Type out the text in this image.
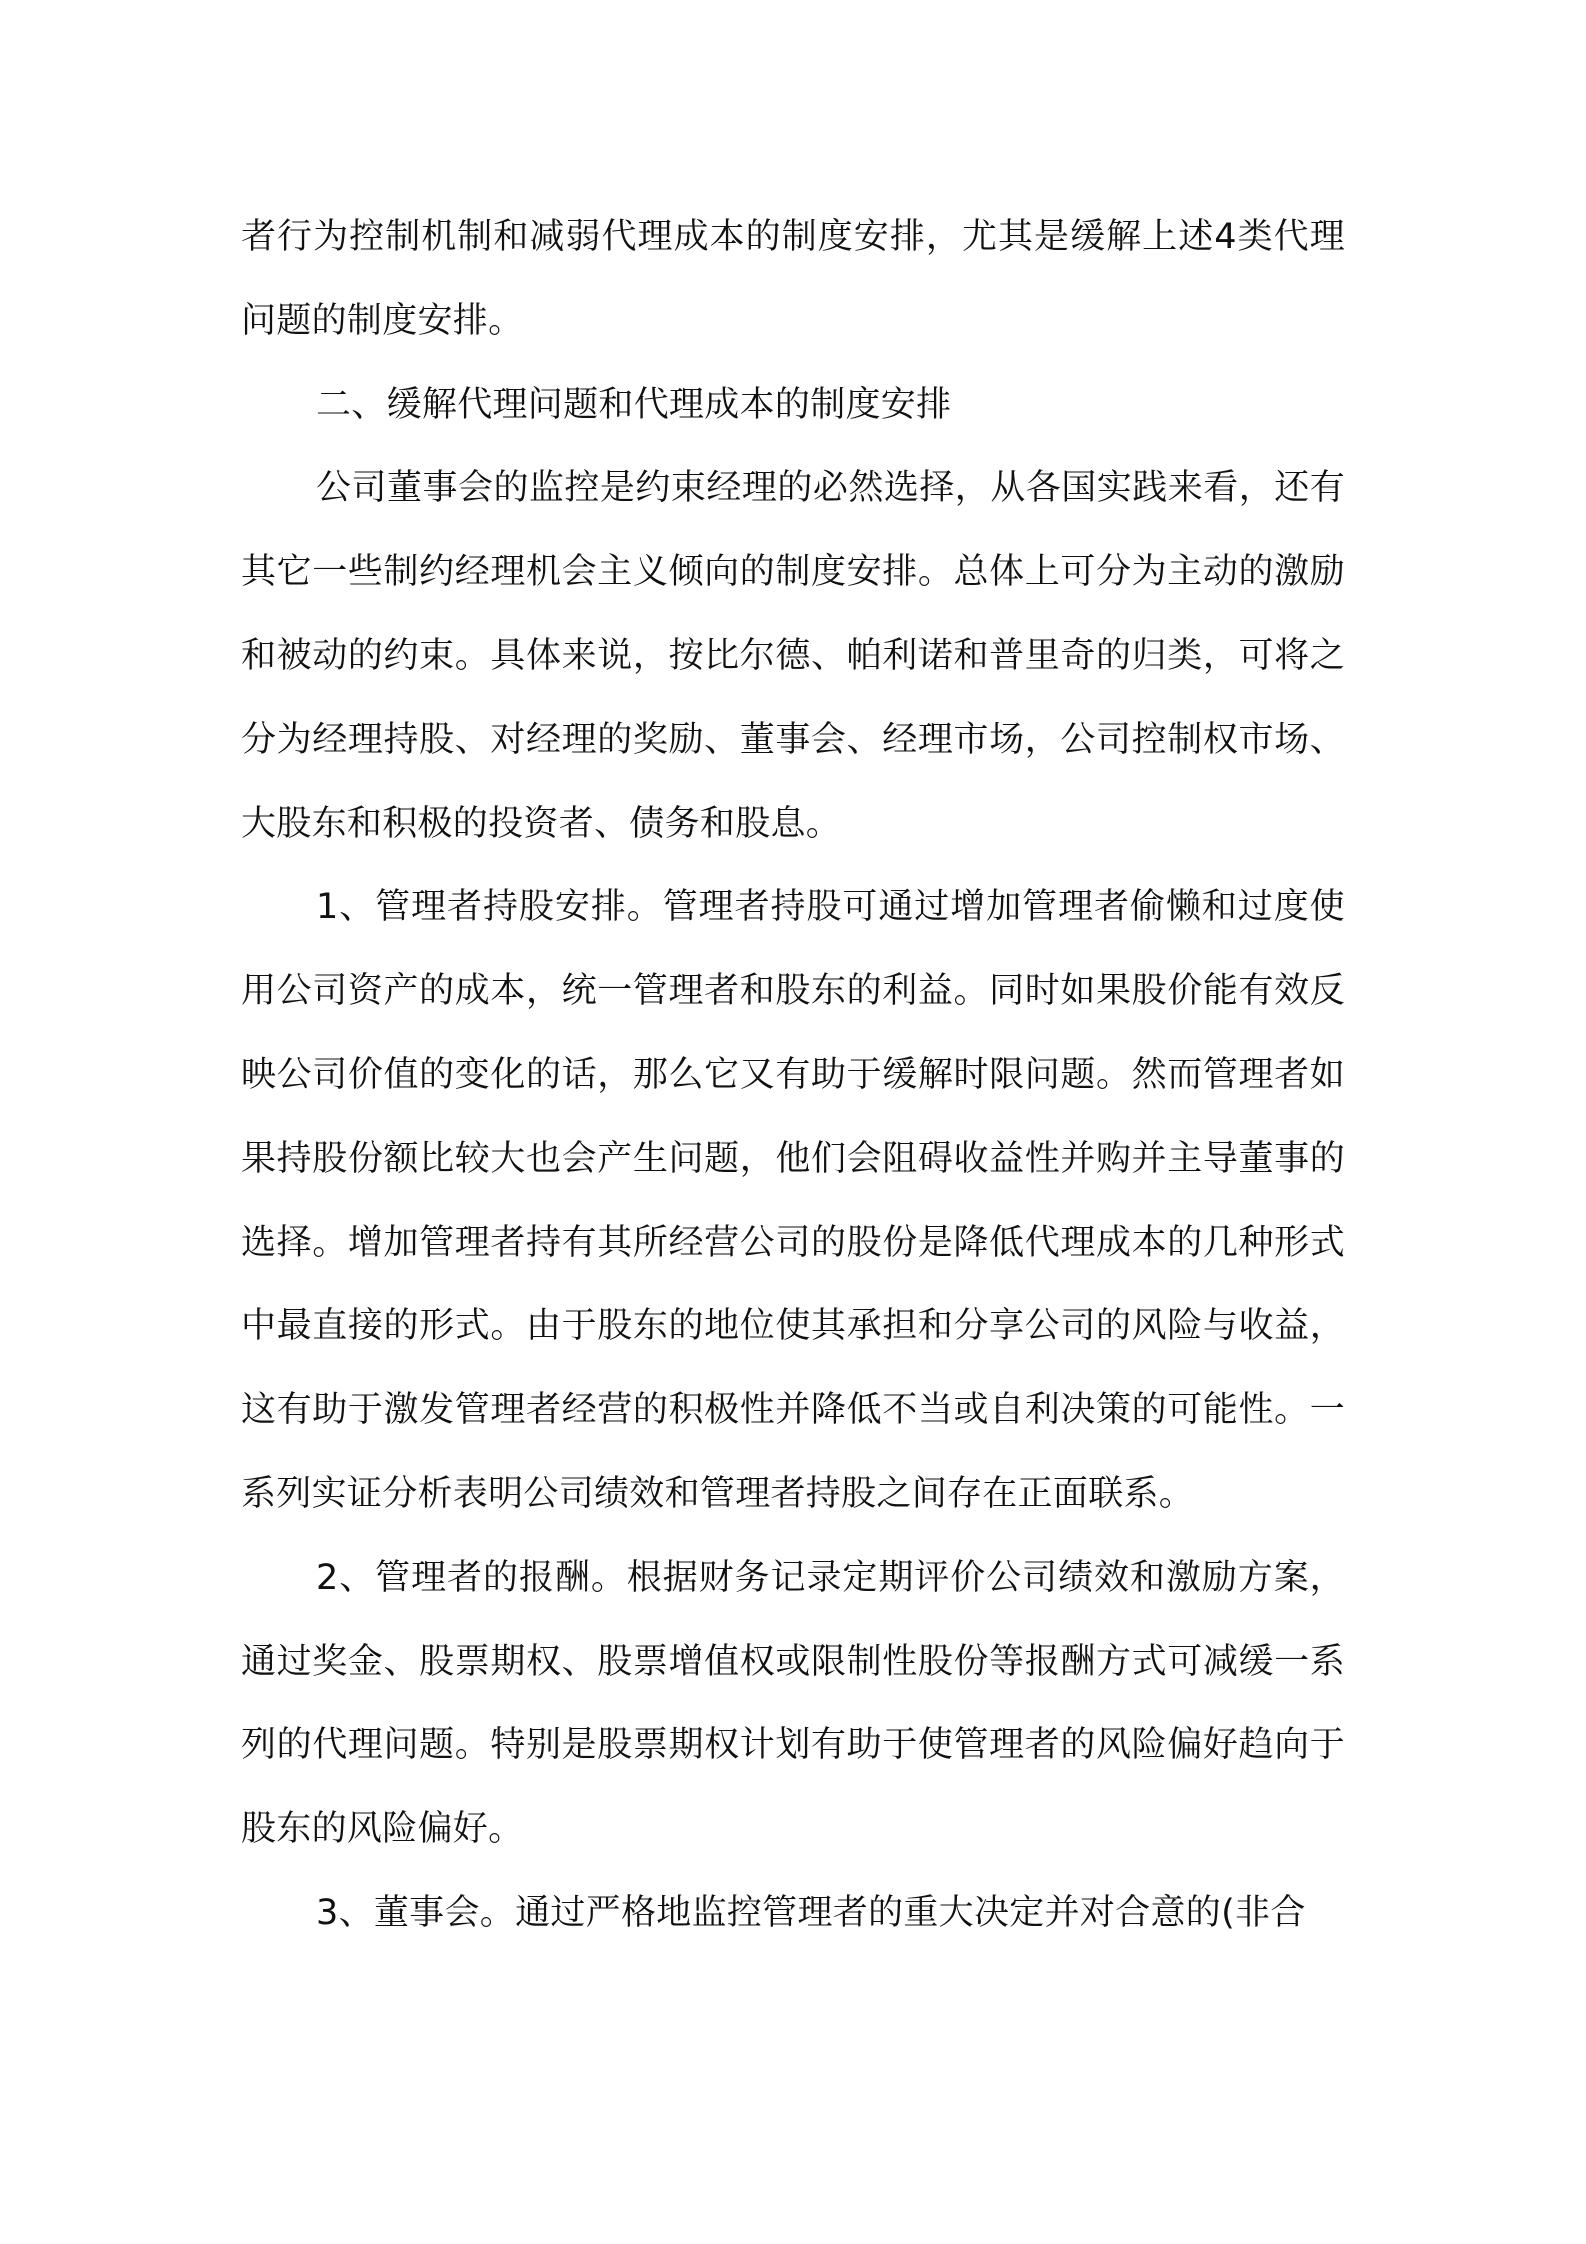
者行为控制机制和减弱代理成本的制度安排，尤其是缓解上述4类代理问题的制度安排。

二、缓解代理问题和代理成本的制度安排

公司董事会的监控是约束经理的必然选择，从各国实践来看，还有其它一些制约经理机会主义倾向的制度安排。总体上可分为主动的激励和被动的约束。具体来说，按比尔德、帕利诺和普里奇的归类，可将之分为经理持股、对经理的奖励、董事会、经理市场，公司控制权市场、大股东和积极的投资者、债务和股息。

1、管理者持股安排。管理者持股可通过增加管理者偷懒和过度使用公司资产的成本，统一管理者和股东的利益。同时如果股价能有效反映公司价值的变化的话，那么它又有助于缓解时限问题。然而管理者如果持股份额比较大也会产生问题，他们会阻碍收益性并购并主导董事的选择。增加管理者持有其所经营公司的股份是降低代理成本的几种形式中最直接的形式。由于股东的地位使其承担和分享公司的风险与收益，这有助于激发管理者经营的积极性并降低不当或自利决策的可能性。一系列实证分析表明公司绩效和管理者持股之间存在正面联系。

2、管理者的报酬。根据财务记录定期评价公司绩效和激励方案，通过奖金、股票期权、股票增值权或限制性股份等报酬方式可减缓一系列的代理问题。特别是股票期权计划有助于使管理者的风险偏好趋向于股东的风险偏好。

3、董事会。通过严格地监控管理者的重大决定并对合意的(非合
